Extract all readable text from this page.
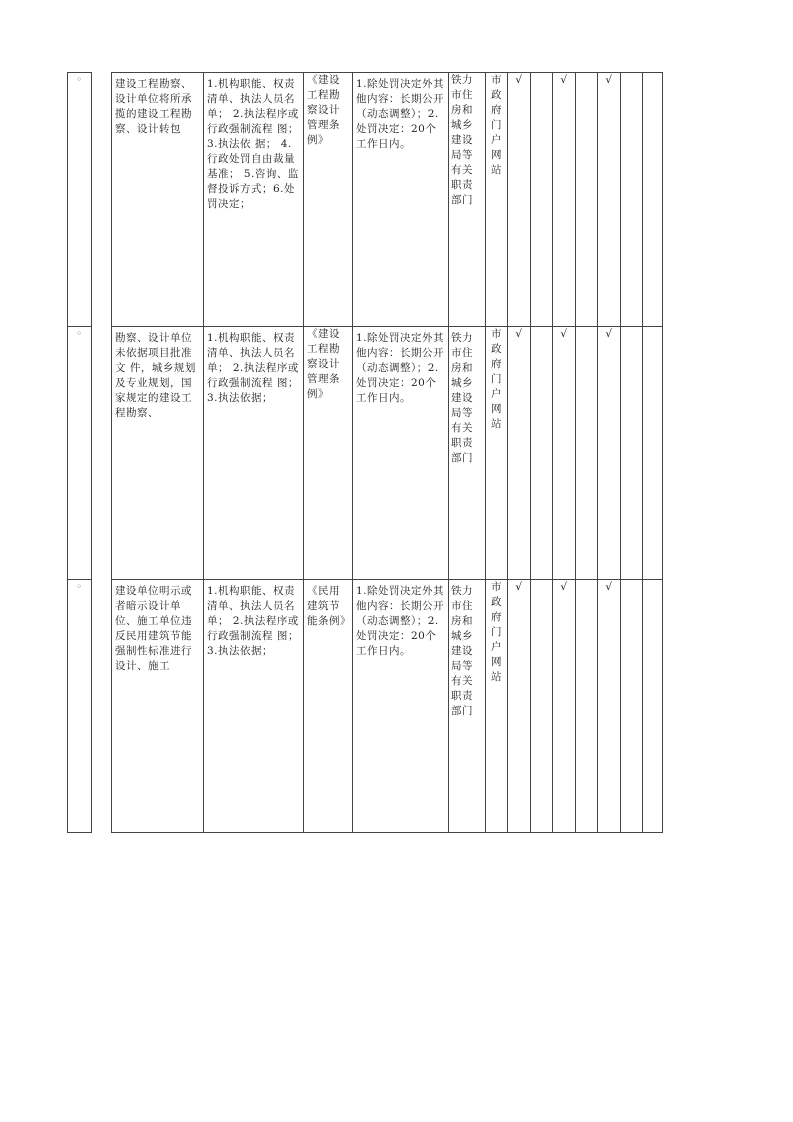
◦		建设工程勘察、设计单位将所承揽的建设工程勘察、设计转包	1.机构职能、权责清单、执法人员名单； 2.执法程序或行政强制流程 图； 3.执法依 据； 4.行政处罚自由裁量基准； 5.咨询、监督投诉方式；6.处罚决定；	《建设工程勘察设计管理条例》	1.除处罚决定外其他内容：长期公开（动态调整）；2.处罚决定：20个工作日内。	铁力市住房和城乡建设局等有关职责部门	市政府门户网站	√		√		√		
◦		勘察、设计单位未依据项目批准文 件，城乡规划及专业规划，国家规定的建设工程勘察、	1.机构职能、权责清单、执法人员名单； 2.执法程序或行政强制流程 图； 3.执法依据；	《建设工程勘察设计管理条例》	1.除处罚决定外其他内容：长期公开（动态调整）；2.处罚决定：20个工作日内。	铁力市住房和城乡建设局等有关职责部门	市政府门户网站	√		√		√		
◦		建设单位明示或者暗示设计单位、施工单位违反民用建筑节能强制性标准进行设计、施工	1.机构职能、权责清单、执法人员名单； 2.执法程序或行政强制流程 图； 3.执法依据；	《民用建筑节能条例》	1.除处罚决定外其他内容：长期公开（动态调整）；2.处罚决定：20个工作日内。	铁力市住房和城乡建设局等有关职责部门	市政府门户网站	√		√		√		
